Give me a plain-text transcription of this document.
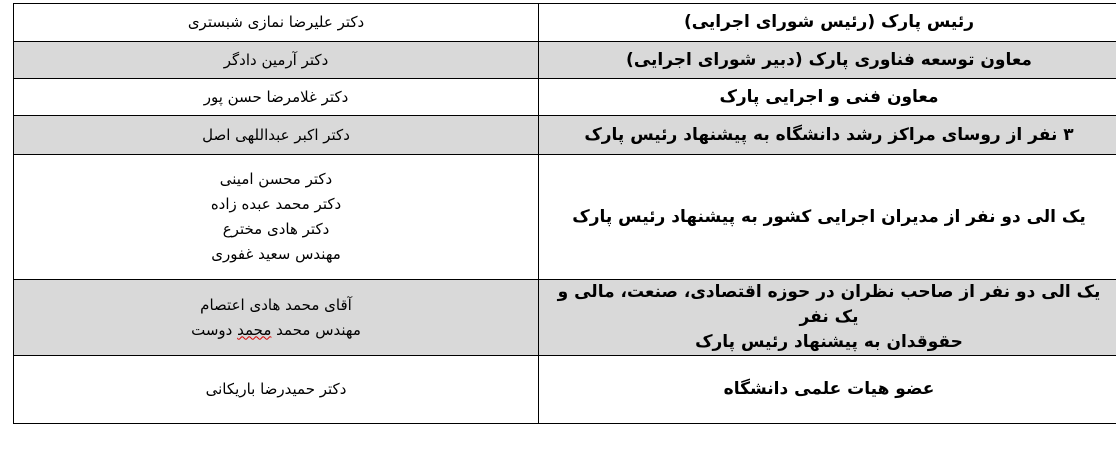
رئیس پارک (رئیس شورای اجرایی)	دکتر علیرضا نمازی شبستری

معاون توسعه فناوری پارک (دبیر شورای اجرایی)	دکتر آرمین دادگر

معاون فنی و اجرایی پارک	دکتر غلامرضا حسن پور

۳ نفر از روسای مراکز رشد دانشگاه به پیشنهاد رئیس پارک	دکتر اکبر عبداللهی اصل

یک الی دو نفر از مدیران اجرایی کشور به پیشنهاد رئیس پارک	دکتر محسن امینی
دکتر محمد عبده زاده
دکتر هادی مخترع
مهندس سعید غفوری

یک الی دو نفر از صاحب نظران در حوزه اقتصادی، صنعت، مالی و یک نفر
حقوقدان به پیشنهاد رئیس پارک	آقای محمد هادی اعتصام
مهندس محمد محمد دوست

عضو هیات علمی دانشگاه	دکتر حمیدرضا باریکانی
